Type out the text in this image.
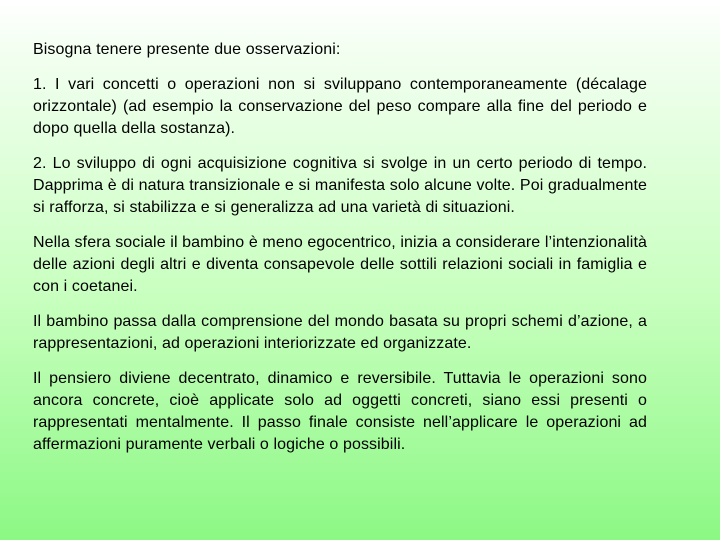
Bisogna tenere presente due osservazioni:

1. I vari concetti o operazioni non si sviluppano contemporaneamente (décalage orizzontale) (ad esempio la conservazione del peso compare alla fine del periodo e dopo quella della sostanza).

2. Lo sviluppo di ogni acquisizione cognitiva si svolge in un certo periodo di tempo. Dapprima è di natura transizionale e si manifesta solo alcune volte. Poi gradualmente si rafforza, si stabilizza e si generalizza ad una varietà di situazioni.

Nella sfera sociale il bambino è meno egocentrico, inizia a considerare l’intenzionalità delle azioni degli altri e diventa consapevole delle sottili relazioni sociali in famiglia e con i coetanei.

Il bambino passa dalla comprensione del mondo basata su propri schemi d’azione, a rappresentazioni, ad operazioni interiorizzate ed organizzate.

Il pensiero diviene decentrato, dinamico e reversibile. Tuttavia le operazioni sono ancora concrete, cioè applicate solo ad oggetti concreti, siano essi presenti o rappresentati mentalmente. Il passo finale consiste nell’applicare le operazioni ad affermazioni puramente verbali o logiche o possibili.
